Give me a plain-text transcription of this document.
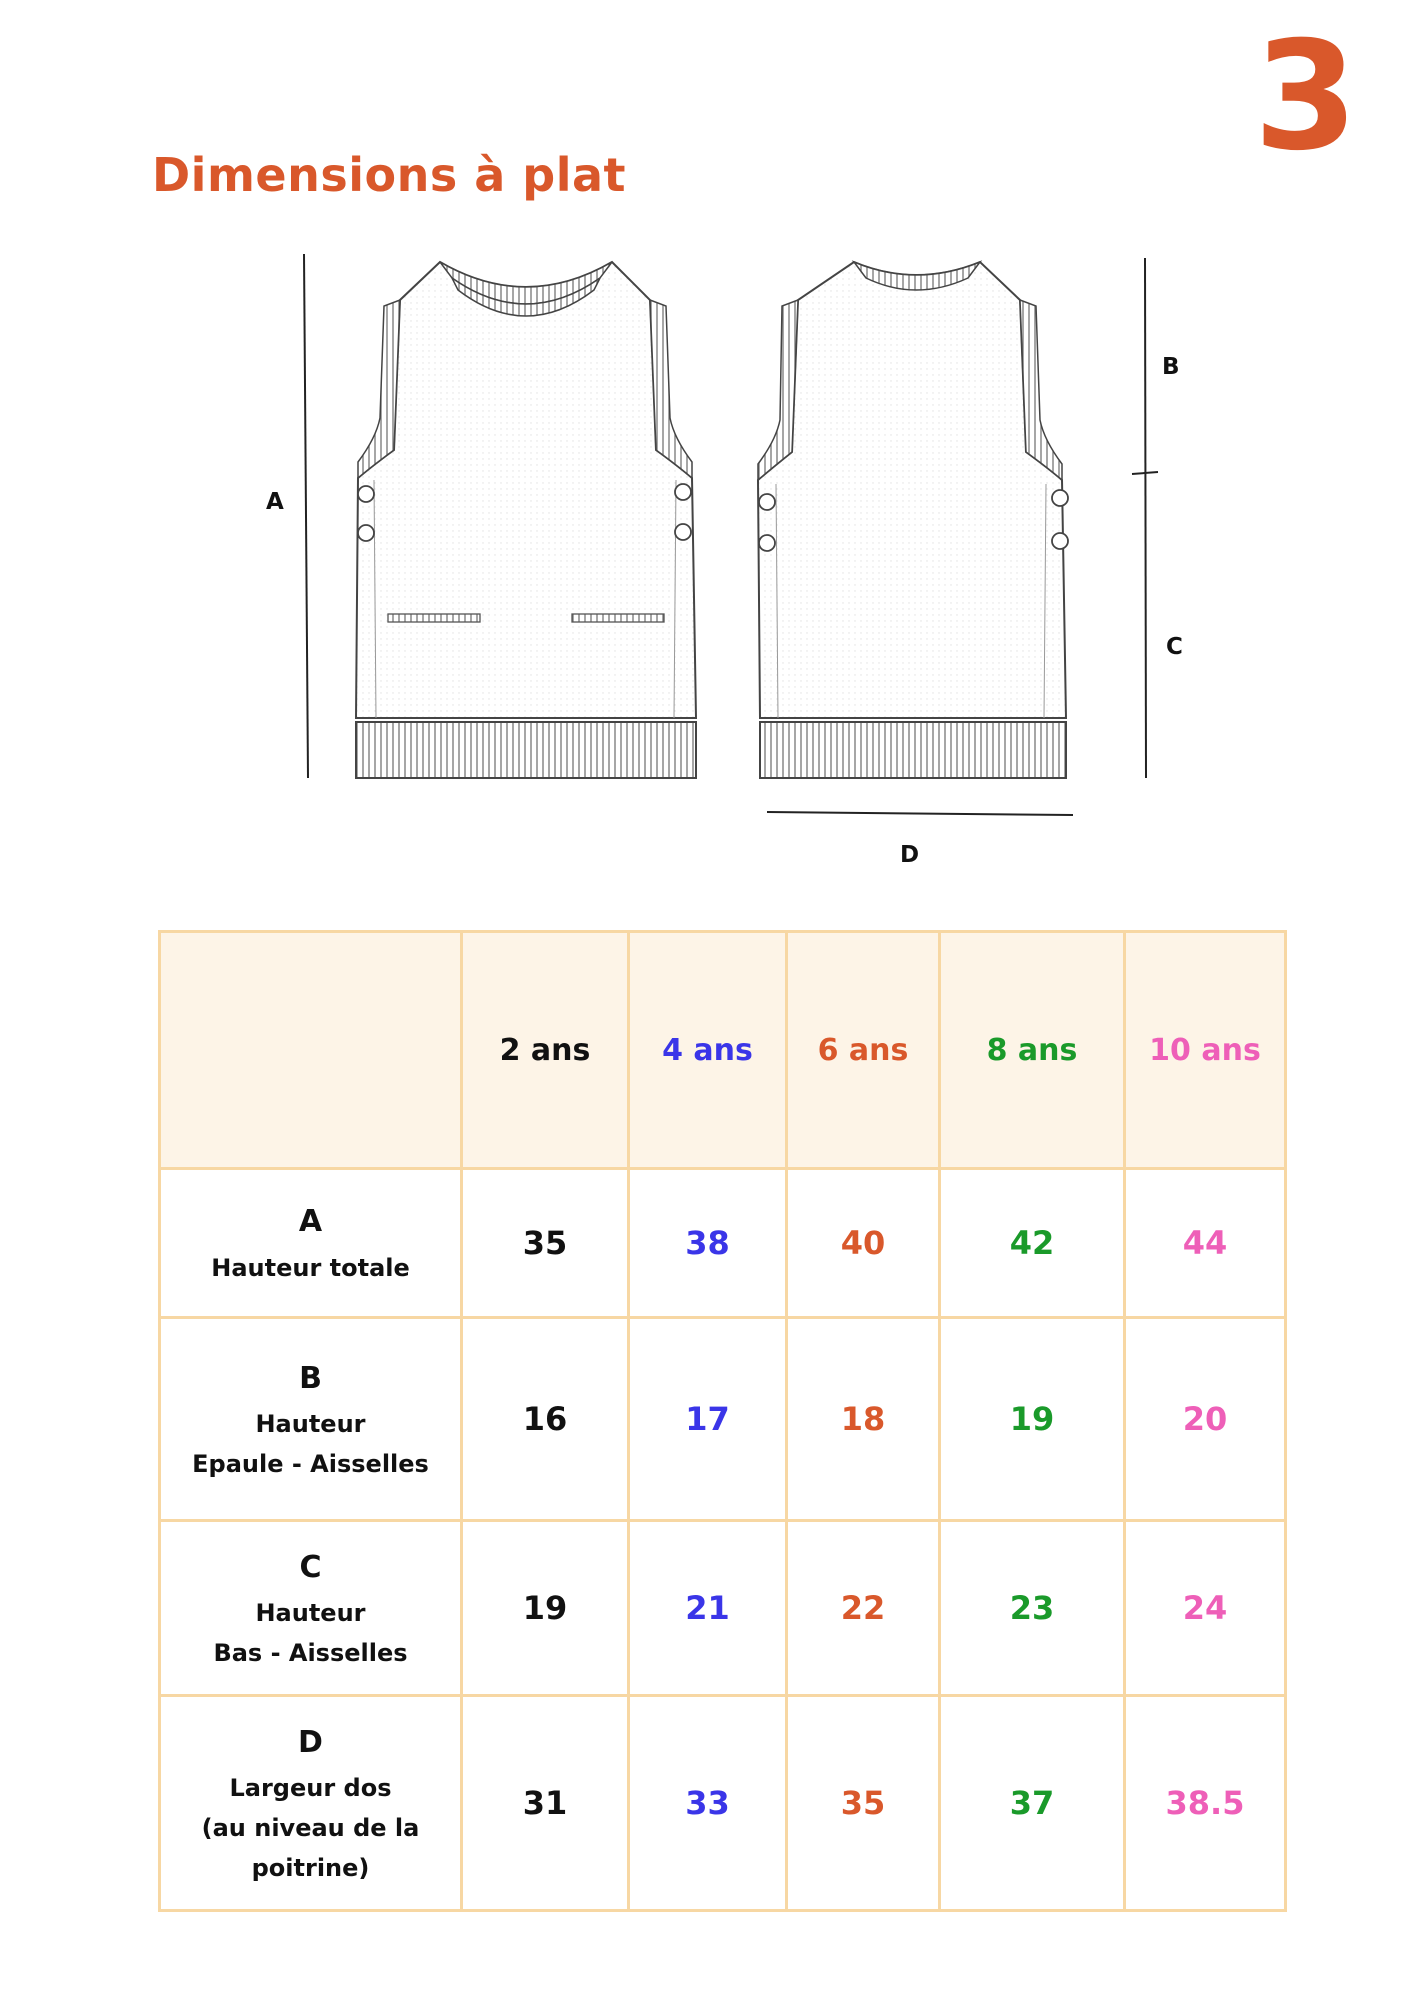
3
Dimensions à plat
A
B
C
D
	2 ans	4 ans	6 ans	8 ans	10 ans

A
Hauteur totale	35	38	40	42	44

B
Hauteur
Epaule - Aisselles	16	17	18	19	20

C
Hauteur
Bas - Aisselles	19	21	22	23	24

D
Largeur dos
(au niveau de la
poitrine)	31	33	35	37	38.5
